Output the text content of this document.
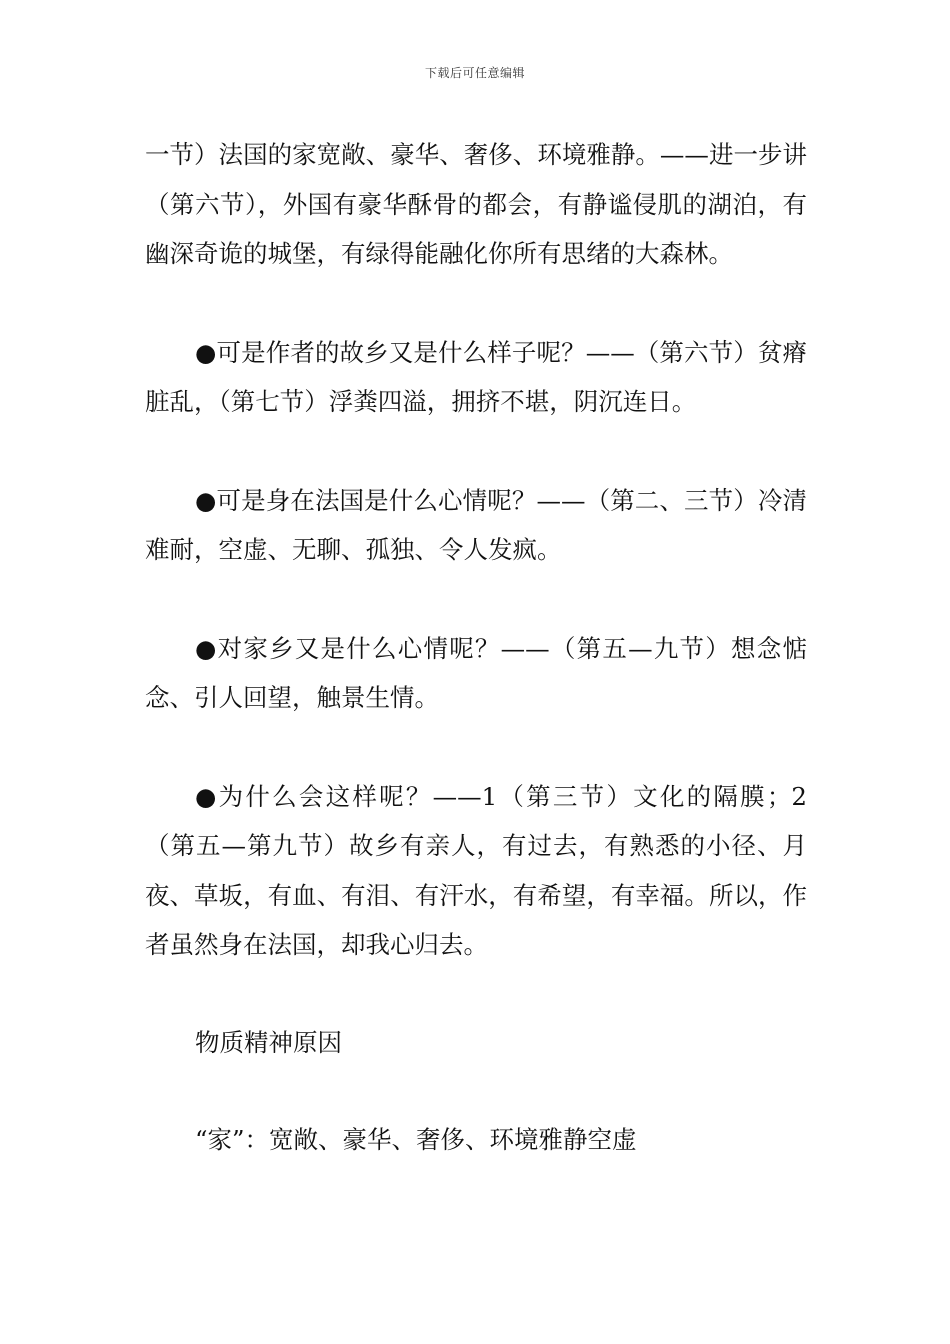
下载后可任意编辑

一节）法国的家宽敞、豪华、奢侈、环境雅静。——进一步讲（第六节），外国有豪华酥骨的都会，有静谧侵肌的湖泊，有幽深奇诡的城堡，有绿得能融化你所有思绪的大森林。

●可是作者的故乡又是什么样子呢？——（第六节）贫瘠脏乱，（第七节）浮粪四溢，拥挤不堪，阴沉连日。

●可是身在法国是什么心情呢？——（第二、三节）冷清难耐，空虚、无聊、孤独、令人发疯。

●对家乡又是什么心情呢？——（第五—九节）想念惦念、引人回望，触景生情。

●为什么会这样呢？——1（第三节）文化的隔膜；2（第五—第九节）故乡有亲人，有过去，有熟悉的小径、月夜、草坂，有血、有泪、有汗水，有希望，有幸福。所以，作者虽然身在法国，却我心归去。

物质精神原因

“家”：宽敞、豪华、奢侈、环境雅静空虚
